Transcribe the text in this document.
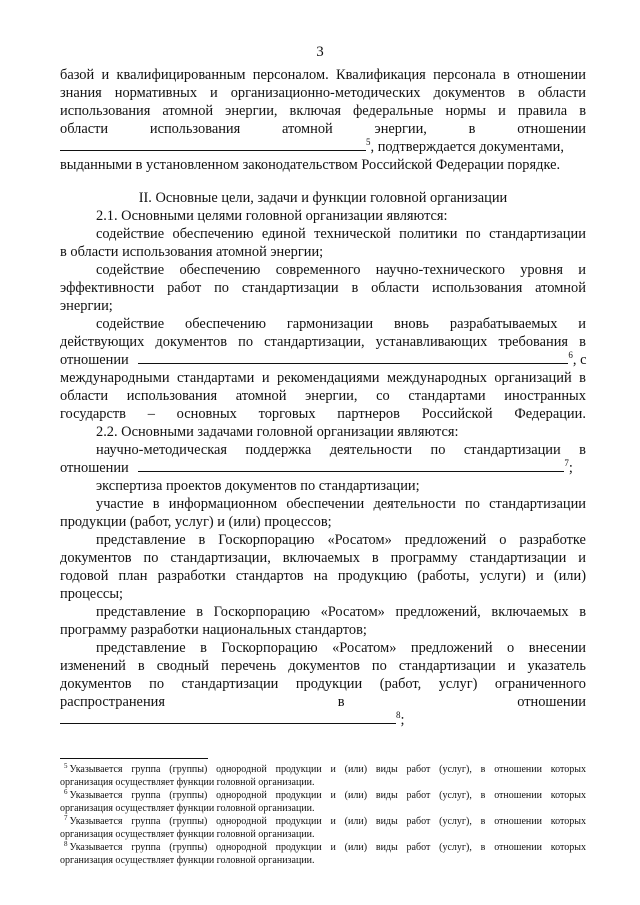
3
базой и квалифицированным персоналом. Квалификация персонала в отношении
знания нормативных и организационно-методических документов в области
использования атомной энергии, включая федеральные нормы и правила в
области	использования	атомной	энергии,	в	отношении
$^5$, подтверждается документами,
выданными в установленном законодательством Российской Федерации порядке.
II. Основные цели, задачи и функции головной организации
2.1. Основными целями головной организации являются:
содействие обеспечению единой технической политики по стандартизации
в области использования атомной энергии;
содействие обеспечению современного научно-технического уровня и
эффективности работ по стандартизации в области использования атомной
энергии;
содействие обеспечению гармонизации вновь разрабатываемых и
действующих документов по стандартизации, устанавливающих требования в
отношении	$^6$, с
международными стандартами и рекомендациями международных организаций в
области использования атомной энергии, со стандартами иностранных
государств – основных торговых партнеров Российской Федерации.
2.2. Основными задачами головной организации являются:
научно-методическая поддержка деятельности по стандартизации в
отношении	$^7$;
экспертиза проектов документов по стандартизации;
участие в информационном обеспечении деятельности по стандартизации
продукции (работ, услуг) и (или) процессов;
представление в Госкорпорацию «Росатом» предложений о разработке
документов по стандартизации, включаемых в программу стандартизации и
годовой план разработки стандартов на продукцию (работы, услуги) и (или)
процессы;
представление в Госкорпорацию «Росатом» предложений, включаемых в
программу разработки национальных стандартов;
представление в Госкорпорацию «Росатом» предложений о внесении
изменений в сводный перечень документов по стандартизации и указатель
документов по стандартизации продукции (работ, услуг) ограниченного
распространения	в	отношении
$^8$;
$^5$ Указывается группа (группы) однородной продукции и (или) виды работ (услуг), в отношении которых
организация осуществляет функции головной организации.
$^6$ Указывается группа (группы) однородной продукции и (или) виды работ (услуг), в отношении которых
организация осуществляет функции головной организации.
$^7$ Указывается группа (группы) однородной продукции и (или) виды работ (услуг), в отношении которых
организация осуществляет функции головной организации.
$^8$ Указывается группа (группы) однородной продукции и (или) виды работ (услуг), в отношении которых
организация осуществляет функции головной организации.
